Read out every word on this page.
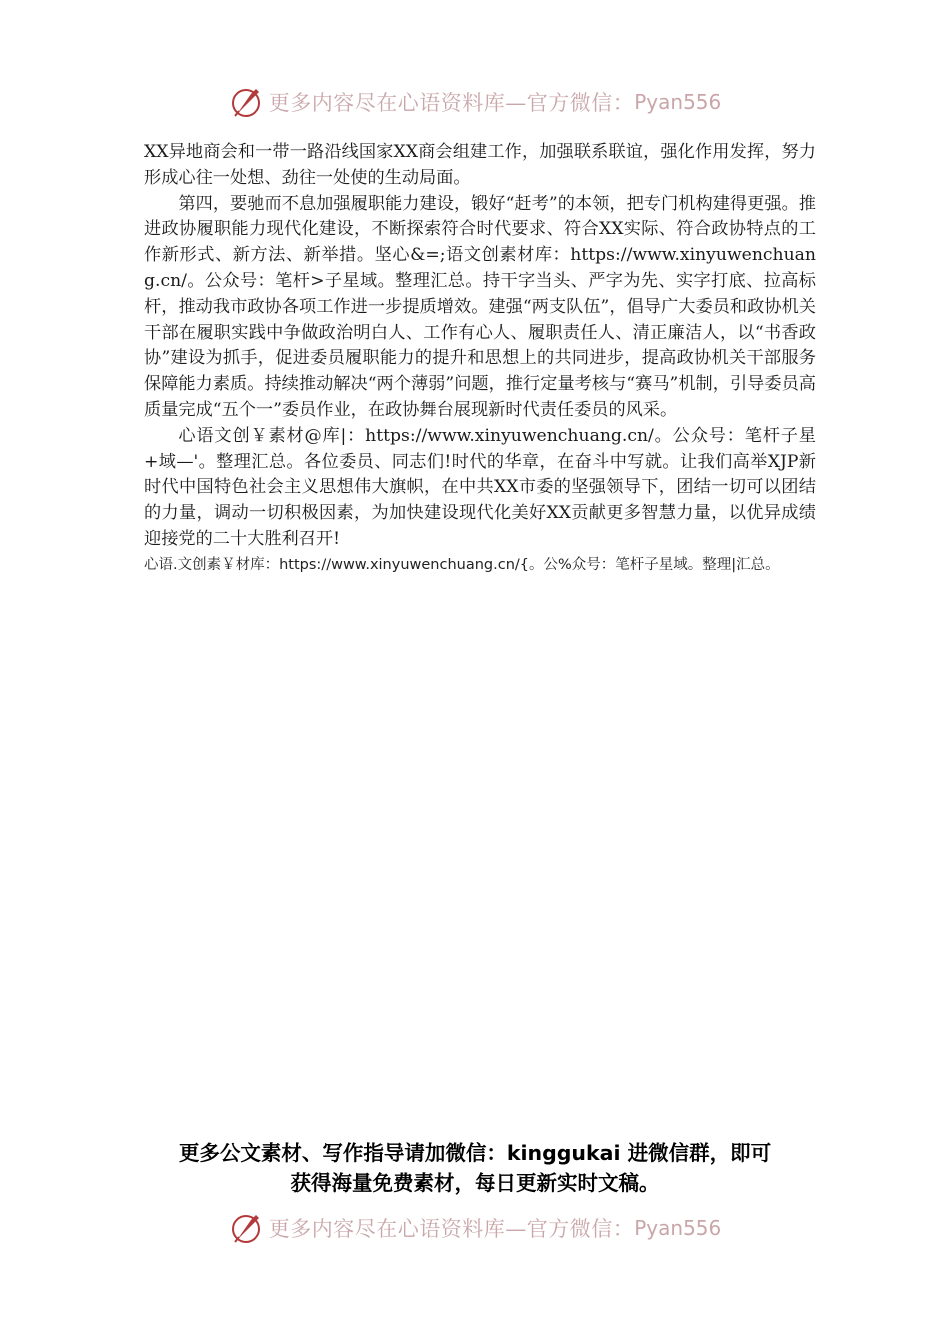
更多内容尽在心语资料库—官方微信： Pyan556

XX异地商会和一带一路沿线国家XX商会组建工作，加强联系联谊，强化作用发挥，努力形成心往一处想、劲往一处使的生动局面。

第四，要驰而不息加强履职能力建设，锻好“赶考”的本领，把专门机构建得更强。推进政协履职能力现代化建设，不断探索符合时代要求、符合XX实际、符合政协特点的工作新形式、新方法、新举措。坚心&=;语文创素材库：https://www.xinyuwenchuang.cn/。公众号：笔杆>子星域。整理汇总。持干字当头、严字为先、实字打底、拉高标杆，推动我市政协各项工作进一步提质增效。建强“两支队伍”，倡导广大委员和政协机关干部在履职实践中争做政治明白人、工作有心人、履职责任人、清正廉洁人，以“书香政协”建设为抓手，促进委员履职能力的提升和思想上的共同进步，提高政协机关干部服务保障能力素质。持续推动解决“两个薄弱”问题，推行定量考核与“赛马”机制，引导委员高质量完成“五个一”委员作业，在政协舞台展现新时代责任委员的风采。

心语文创￥素材@库|：https://www.xinyuwenchuang.cn/。公众号：笔杆子星+域—'。整理汇总。各位委员、同志们!时代的华章，在奋斗中写就。让我们高举XJP新时代中国特色社会主义思想伟大旗帜，在中共XX市委的坚强领导下，团结一切可以团结的力量，调动一切积极因素，为加快建设现代化美好XX贡献更多智慧力量，以优异成绩迎接党的二十大胜利召开!

心语.文创素￥材库：https://www.xinyuwenchuang.cn/{。公%众号：笔杆子星域。整理|汇总。

更多公文素材、写作指导请加微信：kinggukai 进微信群，即可
获得海量免费素材，每日更新实时文稿。
更多内容尽在心语资料库—官方微信： Pyan556
